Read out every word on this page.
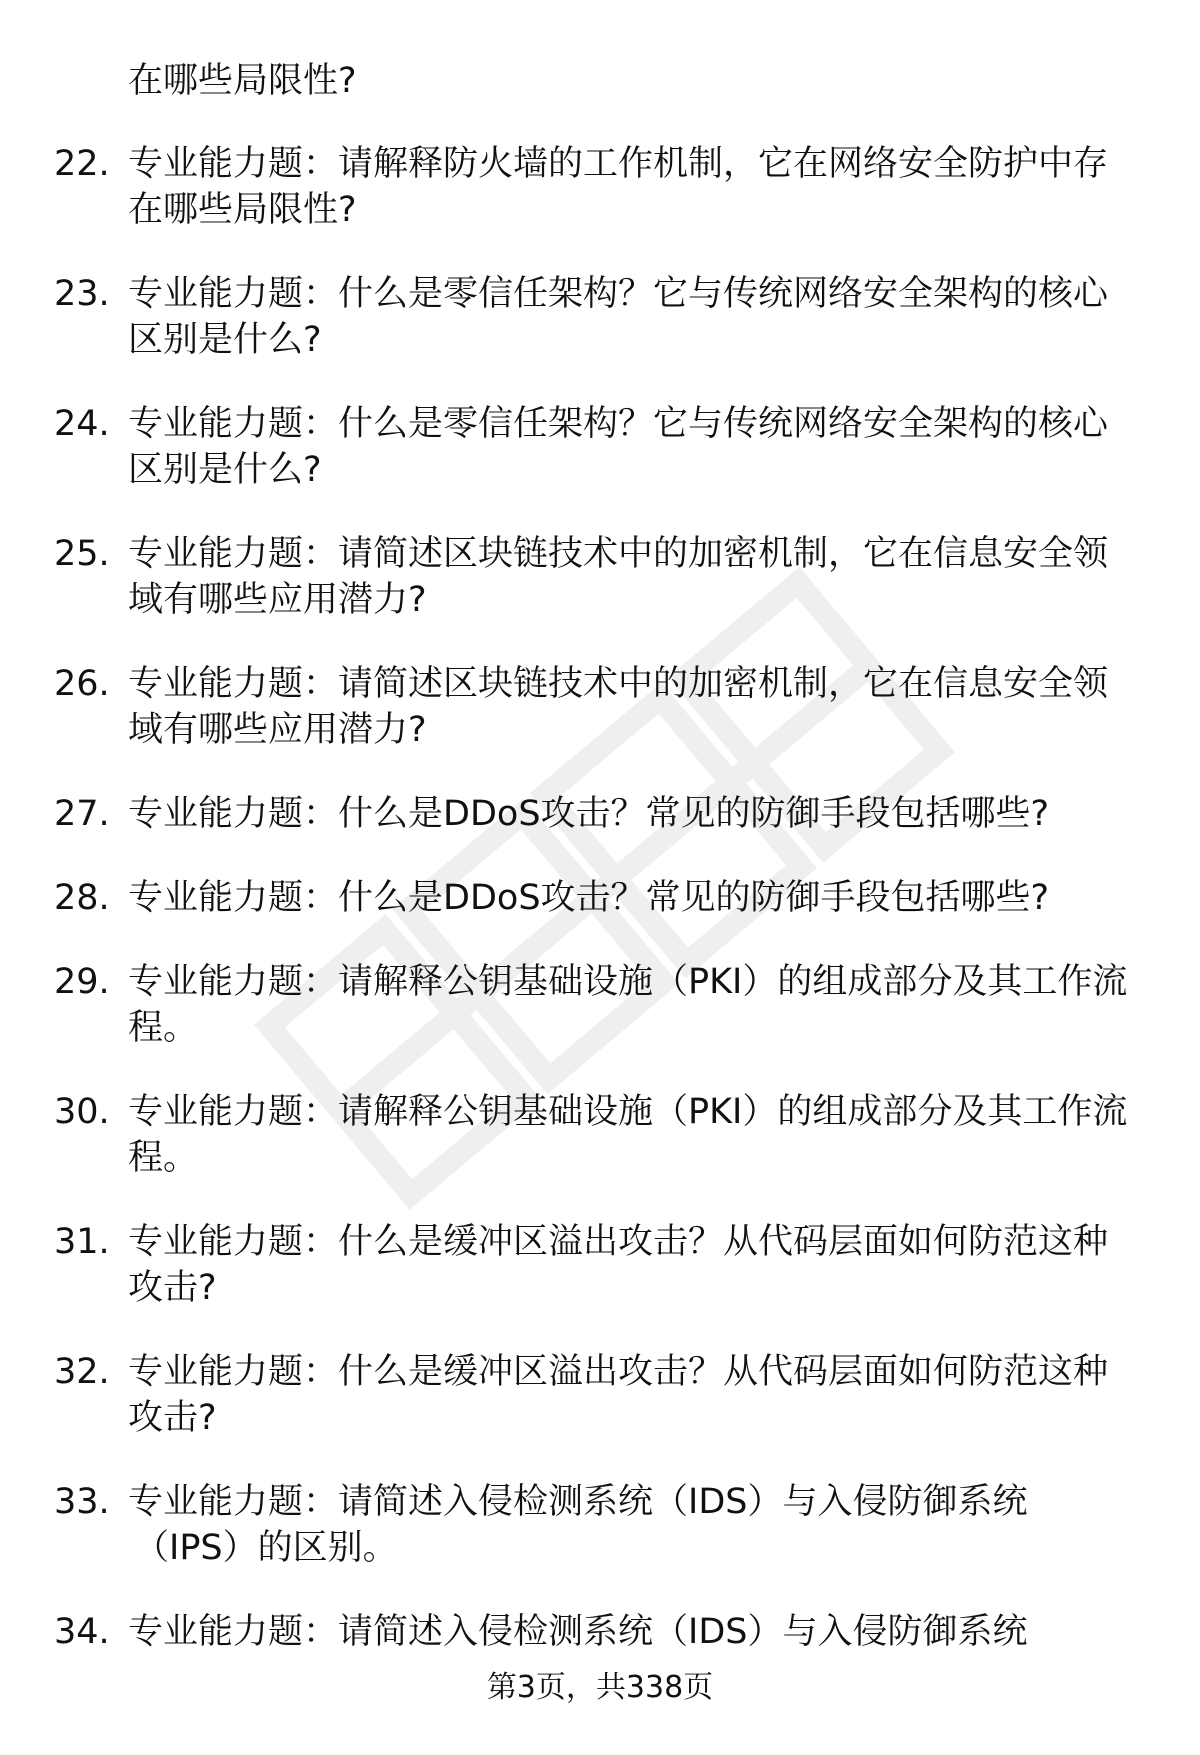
在哪些局限性?
22. 专业能力题：请解释防火墙的工作机制，它在网络安全防护中存
在哪些局限性?
23. 专业能力题：什么是零信任架构？它与传统网络安全架构的核心
区别是什么?
24. 专业能力题：什么是零信任架构？它与传统网络安全架构的核心
区别是什么?
25. 专业能力题：请简述区块链技术中的加密机制，它在信息安全领
域有哪些应用潜力?
26. 专业能力题：请简述区块链技术中的加密机制，它在信息安全领
域有哪些应用潜力?
27. 专业能力题：什么是DDoS攻击？常见的防御手段包括哪些?
28. 专业能力题：什么是DDoS攻击？常见的防御手段包括哪些?
29. 专业能力题：请解释公钥基础设施（PKI）的组成部分及其工作流
程。
30. 专业能力题：请解释公钥基础设施（PKI）的组成部分及其工作流
程。
31. 专业能力题：什么是缓冲区溢出攻击？从代码层面如何防范这种
攻击?
32. 专业能力题：什么是缓冲区溢出攻击？从代码层面如何防范这种
攻击?
33. 专业能力题：请简述入侵检测系统（IDS）与入侵防御系统
（IPS）的区别。
34. 专业能力题：请简述入侵检测系统（IDS）与入侵防御系统
第3页，共338页
